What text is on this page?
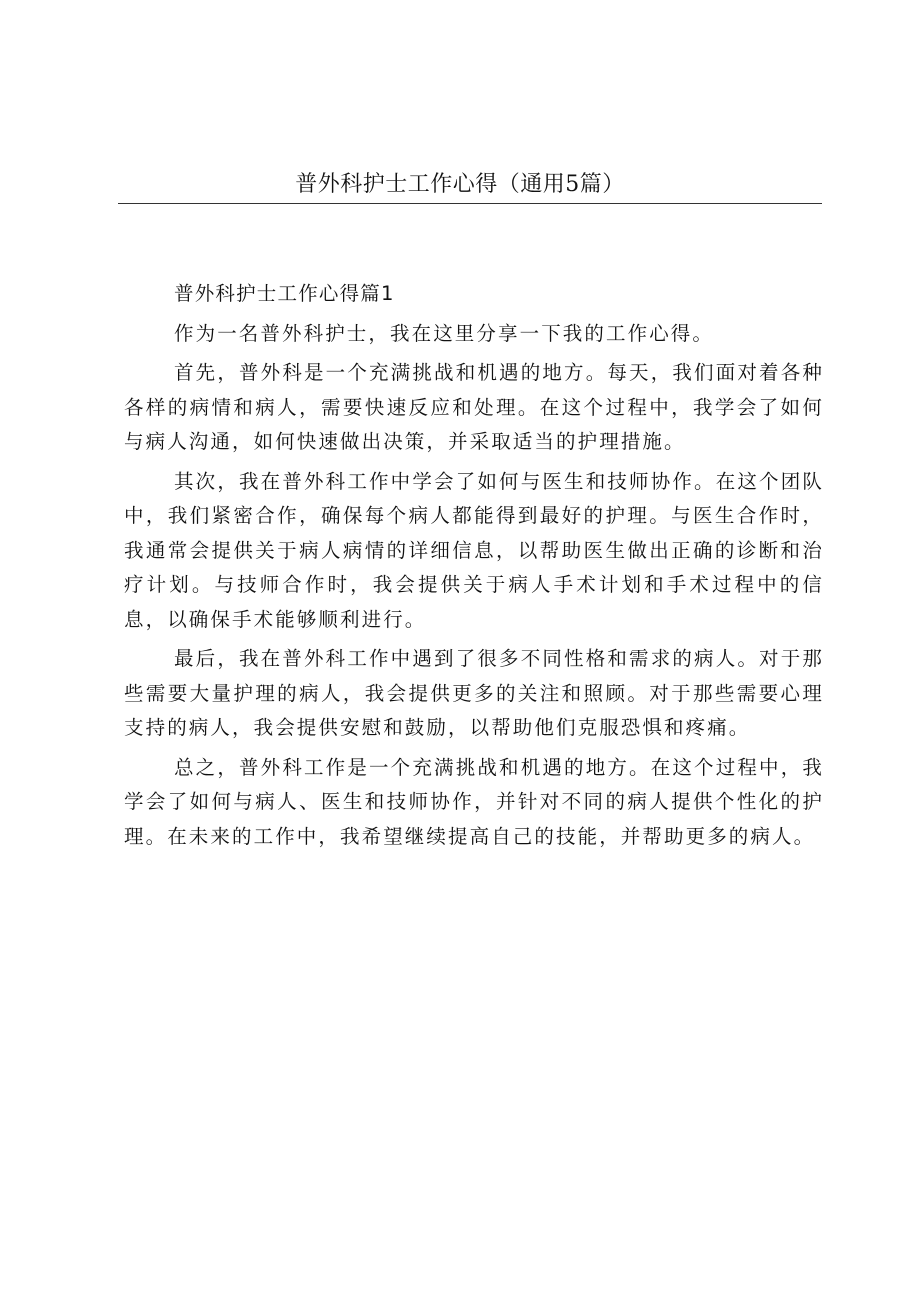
普外科护士工作心得（通用5篇）

普外科护士工作心得篇1

作为一名普外科护士，我在这里分享一下我的工作心得。

首先，普外科是一个充满挑战和机遇的地方。每天，我们面对着各种各样的病情和病人，需要快速反应和处理。在这个过程中，我学会了如何与病人沟通，如何快速做出决策，并采取适当的护理措施。

其次，我在普外科工作中学会了如何与医生和技师协作。在这个团队中，我们紧密合作，确保每个病人都能得到最好的护理。与医生合作时，我通常会提供关于病人病情的详细信息，以帮助医生做出正确的诊断和治疗计划。与技师合作时，我会提供关于病人手术计划和手术过程中的信息，以确保手术能够顺利进行。

最后，我在普外科工作中遇到了很多不同性格和需求的病人。对于那些需要大量护理的病人，我会提供更多的关注和照顾。对于那些需要心理支持的病人，我会提供安慰和鼓励，以帮助他们克服恐惧和疼痛。

总之，普外科工作是一个充满挑战和机遇的地方。在这个过程中，我学会了如何与病人、医生和技师协作，并针对不同的病人提供个性化的护理。在未来的工作中，我希望继续提高自己的技能，并帮助更多的病人。
